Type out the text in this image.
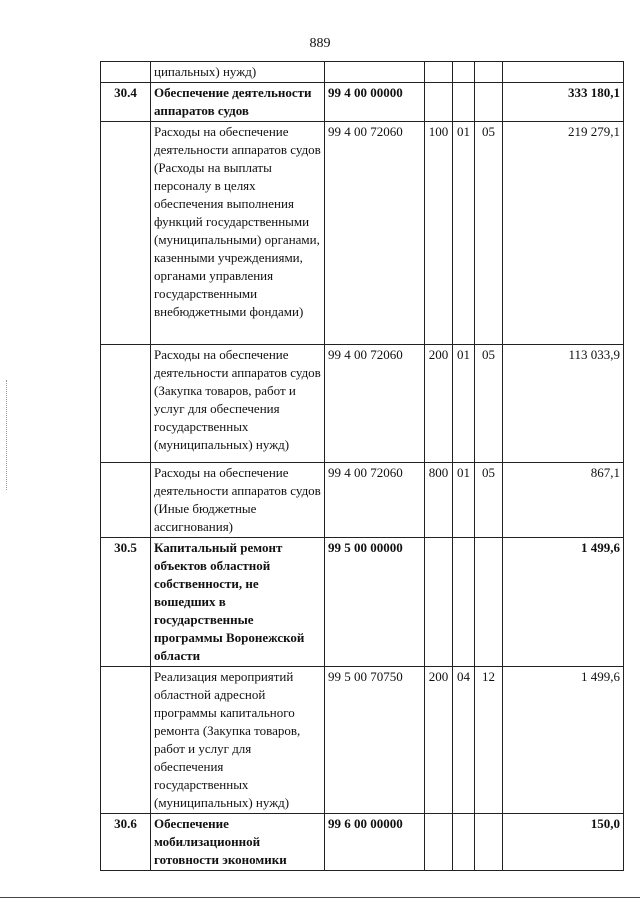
889
	ципальных) нужд)					
30.4	Обеспечение деятельности аппаратов судов	99 4 00 00000				333 180,1
	Расходы на обеспечение деятельности аппаратов судов (Расходы на выплаты персоналу в целях обеспечения выполнения функций государственными (муниципальными) органами, казенными учреждениями, органами управления государственными внебюджетными фондами)	99 4 00 72060	100	01	05	219 279,1
	Расходы на обеспечение деятельности аппаратов судов (Закупка товаров, работ и услуг для обеспечения государственных (муниципальных) нужд)	99 4 00 72060	200	01	05	113 033,9
	Расходы на обеспечение деятельности аппаратов судов (Иные бюджетные ассигнования)	99 4 00 72060	800	01	05	867,1
30.5	Капитальный ремонт объектов областной собственности, не вошедших в государственные программы Воронежской области	99 5 00 00000				1 499,6
	Реализация мероприятий областной адресной программы капитального ремонта (Закупка товаров, работ и услуг для обеспечения государственных (муниципальных) нужд)	99 5 00 70750	200	04	12	1 499,6
30.6	Обеспечение мобилизационной готовности экономики	99 6 00 00000				150,0
